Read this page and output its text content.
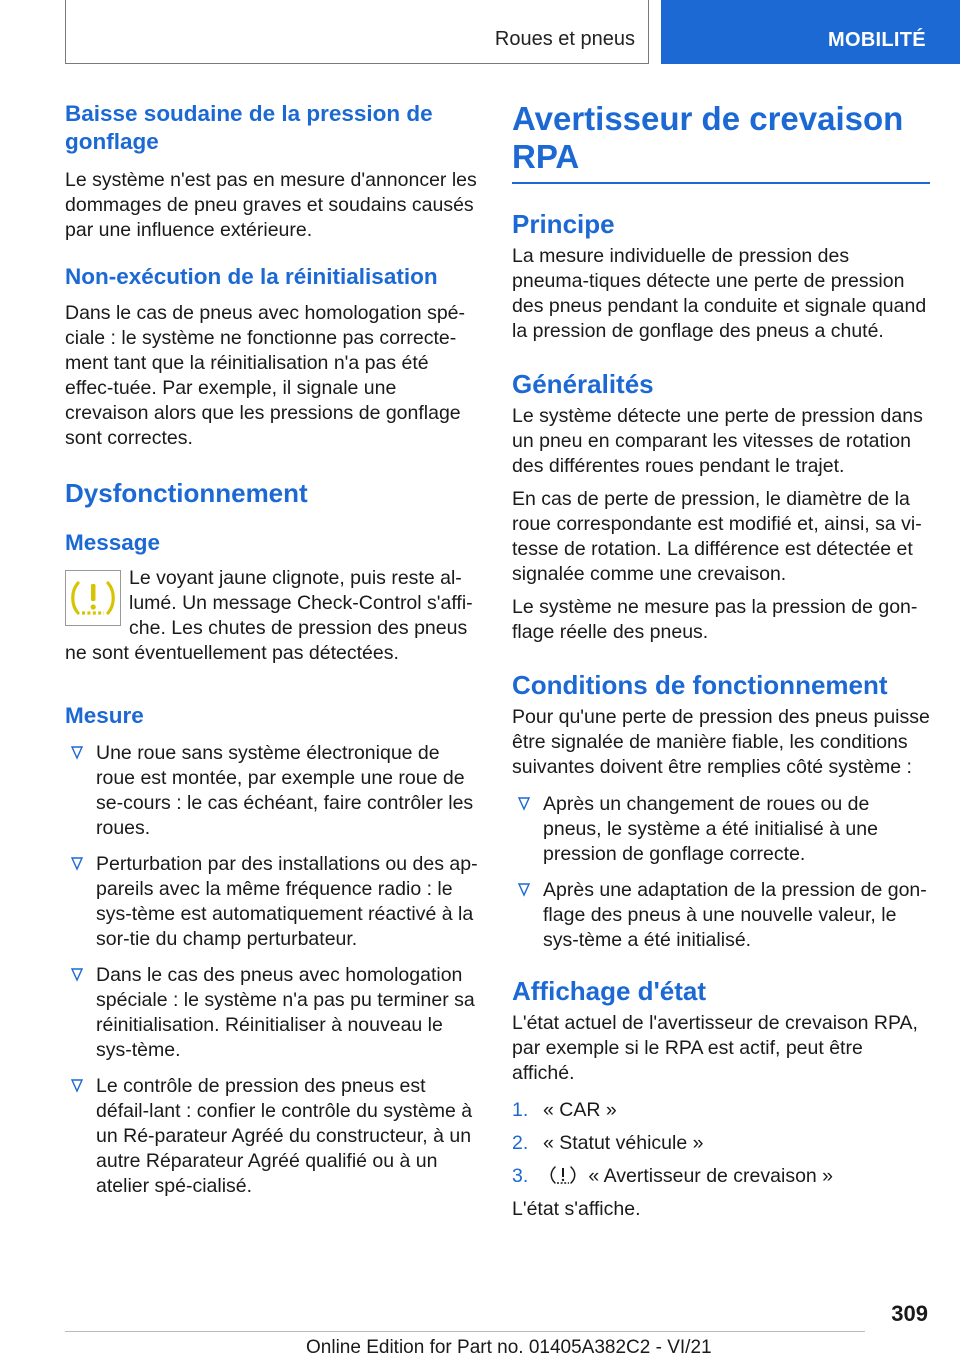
Roues et pneus	MOBILITÉ
Baisse soudaine de la pression de gonflage

Le système n'est pas en mesure d'annoncer les dommages de pneu graves et soudains causés par une influence extérieure.

Non-exécution de la réinitialisation

Dans le cas de pneus avec homologation spé-ciale : le système ne fonctionne pas correcte-ment tant que la réinitialisation n'a pas été effec-tuée. Par exemple, il signale une crevaison alors que les pressions de gonflage sont correctes.

Dysfonctionnement
Message

Le voyant jaune clignote, puis reste al-lumé. Un message Check-Control s'affi-che. Les chutes de pression des pneus ne sont éventuellement pas détectées.

Mesure
Une roue sans système électronique de roue est montée, par exemple une roue de se-cours : le cas échéant, faire contrôler les roues.
Perturbation par des installations ou des ap-pareils avec la même fréquence radio : le sys-tème est automatiquement réactivé à la sor-tie du champ perturbateur.
Dans le cas des pneus avec homologation spéciale : le système n'a pas pu terminer sa réinitialisation. Réinitialiser à nouveau le sys-tème.
Le contrôle de pression des pneus est défail-lant : confier le contrôle du système à un Ré-parateur Agréé du constructeur, à un autre Réparateur Agréé qualifié ou à un atelier spé-cialisé.
Avertisseur de crevaison RPA
Principe

La mesure individuelle de pression des pneuma-tiques détecte une perte de pression des pneus pendant la conduite et signale quand la pression de gonflage des pneus a chuté.

Généralités

Le système détecte une perte de pression dans un pneu en comparant les vitesses de rotation des différentes roues pendant le trajet.

En cas de perte de pression, le diamètre de la roue correspondante est modifié et, ainsi, sa vi-tesse de rotation. La différence est détectée et signalée comme une crevaison.

Le système ne mesure pas la pression de gon-flage réelle des pneus.

Conditions de fonctionnement

Pour qu'une perte de pression des pneus puisse être signalée de manière fiable, les conditions suivantes doivent être remplies côté système :

Après un changement de roues ou de pneus, le système a été initialisé à une pression de gonflage correcte.
Après une adaptation de la pression de gon-flage des pneus à une nouvelle valeur, le sys-tème a été initialisé.
Affichage d'état

L'état actuel de l'avertisseur de crevaison RPA, par exemple si le RPA est actif, peut être affiché.

1. « CAR »
2. « Statut véhicule »
3.	« Avertisseur de crevaison »

L'état s'affiche.

309
Online Edition for Part no. 01405A382C2 - VI/21
